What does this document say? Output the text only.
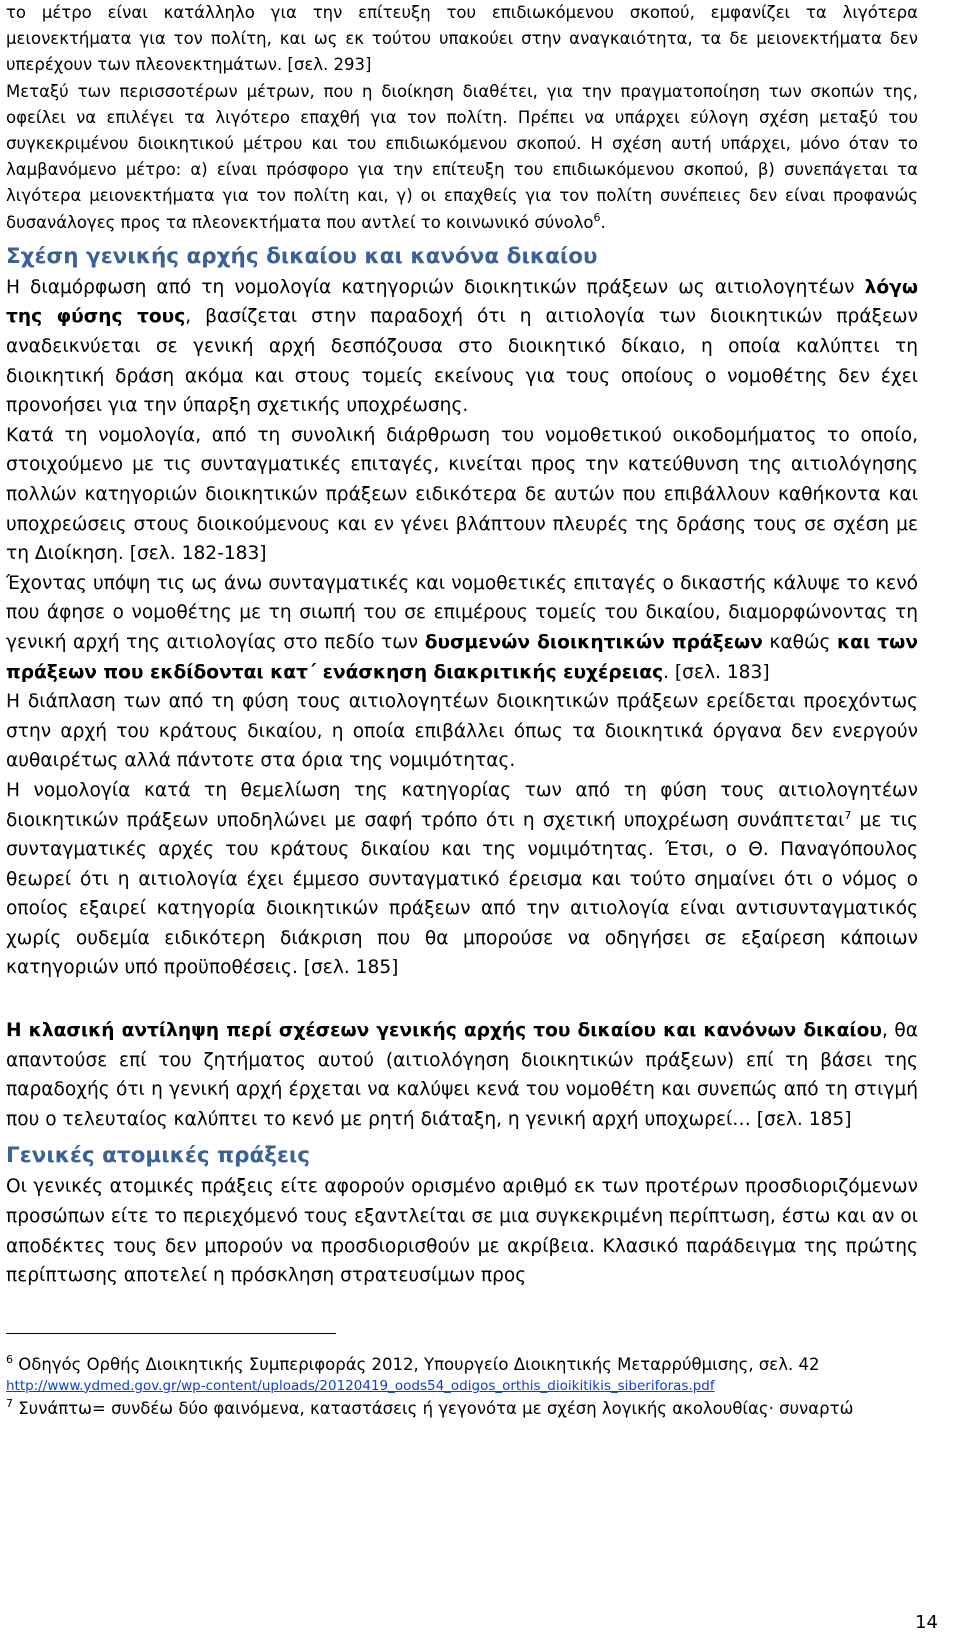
το μέτρο είναι κατάλληλο για την επίτευξη του επιδιωκόμενου σκοπού, εμφανίζει τα λιγότερα μειονεκτήματα για τον πολίτη, και ως εκ τούτου υπακούει στην αναγκαιότητα, τα δε μειονεκτήματα δεν υπερέχουν των πλεονεκτημάτων. [σελ. 293]

Μεταξύ των περισσοτέρων μέτρων, που η διοίκηση διαθέτει, για την πραγματοποίηση των σκοπών της, οφείλει να επιλέγει τα λιγότερο επαχθή για τον πολίτη. Πρέπει να υπάρχει εύλογη σχέση μεταξύ του συγκεκριμένου διοικητικού μέτρου και του επιδιωκόμενου σκοπού. Η σχέση αυτή υπάρχει, μόνο όταν το λαμβανόμενο μέτρο: α) είναι πρόσφορο για την επίτευξη του επιδιωκόμενου σκοπού, β) συνεπάγεται τα λιγότερα μειονεκτήματα για τον πολίτη και, γ) οι επαχθείς για τον πολίτη συνέπειες δεν είναι προφανώς δυσανάλογες προς τα πλεονεκτήματα που αντλεί το κοινωνικό σύνολο$^6$.

Σχέση γενικής αρχής δικαίου και κανόνα δικαίου

Η διαμόρφωση από τη νομολογία κατηγοριών διοικητικών πράξεων ως αιτιολογητέων λόγω της φύσης τους, βασίζεται στην παραδοχή ότι η αιτιολογία των διοικητικών πράξεων αναδεικνύεται σε γενική αρχή δεσπόζουσα στο διοικητικό δίκαιο, η οποία καλύπτει τη διοικητική δράση ακόμα και στους τομείς εκείνους για τους οποίους ο νομοθέτης δεν έχει προνοήσει για την ύπαρξη σχετικής υποχρέωσης.

Κατά τη νομολογία, από τη συνολική διάρθρωση του νομοθετικού οικοδομήματος το οποίο, στοιχούμενο με τις συνταγματικές επιταγές, κινείται προς την κατεύθυνση της αιτιολόγησης πολλών κατηγοριών διοικητικών πράξεων ειδικότερα δε αυτών που επιβάλλουν καθήκοντα και υποχρεώσεις στους διοικούμενους και εν γένει βλάπτουν πλευρές της δράσης τους σε σχέση με τη Διοίκηση. [σελ. 182-183]

Έχοντας υπόψη τις ως άνω συνταγματικές και νομοθετικές επιταγές ο δικαστής κάλυψε το κενό που άφησε ο νομοθέτης με τη σιωπή του σε επιμέρους τομείς του δικαίου, διαμορφώνοντας τη γενική αρχή της αιτιολογίας στο πεδίο των δυσμενών διοικητικών πράξεων καθώς και των πράξεων που εκδίδονται κατ΄ ενάσκηση διακριτικής ευχέρειας. [σελ. 183]

Η διάπλαση των από τη φύση τους αιτιολογητέων διοικητικών πράξεων ερείδεται προεχόντως στην αρχή του κράτους δικαίου, η οποία επιβάλλει όπως τα διοικητικά όργανα δεν ενεργούν αυθαιρέτως αλλά πάντοτε στα όρια της νομιμότητας.

Η νομολογία κατά τη θεμελίωση της κατηγορίας των από τη φύση τους αιτιολογητέων διοικητικών πράξεων υποδηλώνει με σαφή τρόπο ότι η σχετική υποχρέωση συνάπτεται$^7$ με τις συνταγματικές αρχές του κράτους δικαίου και της νομιμότητας. Έτσι, ο Θ. Παναγόπουλος θεωρεί ότι η αιτιολογία έχει έμμεσο συνταγματικό έρεισμα και τούτο σημαίνει ότι ο νόμος ο οποίος εξαιρεί κατηγορία διοικητικών πράξεων από την αιτιολογία είναι αντισυνταγματικός χωρίς ουδεμία ειδικότερη διάκριση που θα μπορούσε να οδηγήσει σε εξαίρεση κάποιων κατηγοριών υπό προϋποθέσεις. [σελ. 185]

Η κλασική αντίληψη περί σχέσεων γενικής αρχής του δικαίου και κανόνων δικαίου, θα απαντούσε επί του ζητήματος αυτού (αιτιολόγηση διοικητικών πράξεων) επί τη βάσει της παραδοχής ότι η γενική αρχή έρχεται να καλύψει κενά του νομοθέτη και συνεπώς από τη στιγμή που ο τελευταίος καλύπτει το κενό με ρητή διάταξη, η γενική αρχή υποχωρεί… [σελ. 185]

Γενικές ατομικές πράξεις

Οι γενικές ατομικές πράξεις είτε αφορούν ορισμένο αριθμό εκ των προτέρων προσδιοριζόμενων προσώπων είτε το περιεχόμενό τους εξαντλείται σε μια συγκεκριμένη περίπτωση, έστω και αν οι αποδέκτες τους δεν μπορούν να προσδιορισθούν με ακρίβεια. Κλασικό παράδειγμα της πρώτης περίπτωσης αποτελεί η πρόσκληση στρατευσίμων προς

$^6$ Οδηγός Ορθής Διοικητικής Συμπεριφοράς 2012, Υπουργείο Διοικητικής Μεταρρύθμισης, σελ. 42

http://www.ydmed.gov.gr/wp-content/uploads/20120419_oods54_odigos_orthis_dioikitikis_siberiforas.pdf

$^7$ Συνάπτω= συνδέω δύο φαινόμενα, καταστάσεις ή γεγονότα με σχέση λογικής ακολουθίας· συναρτώ

14
